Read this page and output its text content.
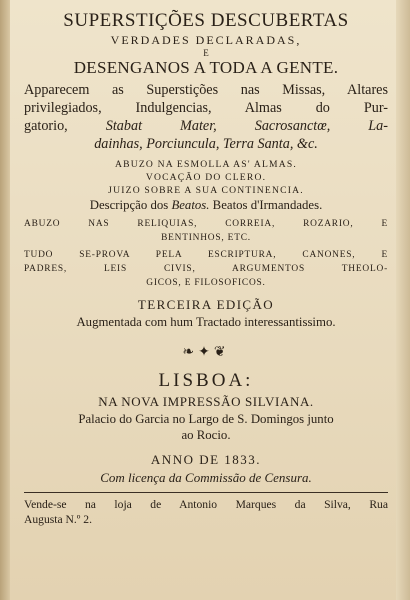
SUPERSTIÇÕES DESCUBERTAS
VERDADES DECLARADAS,
E
DESENGANOS A TODA A GENTE.
Apparecem as Superstições nas Missas, Altares
privilegiados, Indulgencias, Almas do Pur-
gatorio,	Stabat Mater, Sacrosanctœ, La-
dainhas, Porciuncula, Terra Santa, &c.
ABUZO NA ESMOLLA AS' ALMAS.
VOCAÇÃO DO CLERO.
JUIZO SOBRE A SUA CONTINENCIA.
Descripção dos Beatos. Beatos d'Irmandades.
ABUZO NAS RELIQUIAS, CORREIA, ROZARIO, E
BENTINHOS, ETC.
TUDO SE-PROVA PELA ESCRIPTURA, CANONES, E
PADRES, LEIS CIVIS, ARGUMENTOS THEOLO-
GICOS, E FILOSOFICOS.
TERCEIRA EDIÇÃO
Augmentada com hum Tractado interessantissimo.
❧✦❦
LISBOA:
NA NOVA IMPRESSÃO SILVIANA.
Palacio do Garcia no Largo de S. Domingos junto
ao Rocio.
ANNO DE 1833.
Com licença da Commissão de Censura.
Vende-se na loja de Antonio Marques da Silva, Rua
Augusta N.º 2.
